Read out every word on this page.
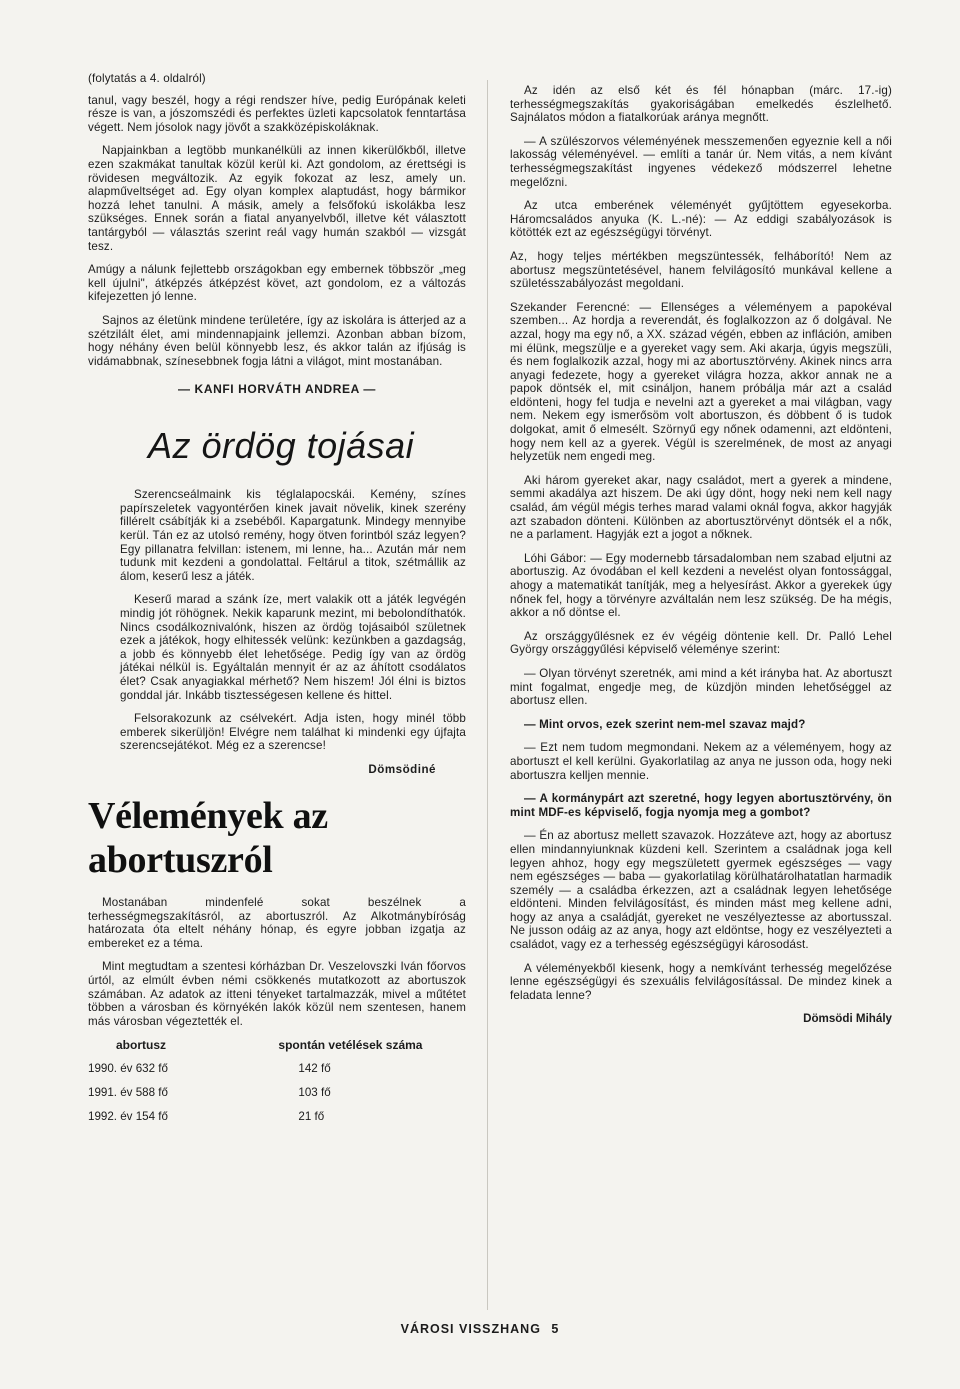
(folytatás a 4. oldalról)

tanul, vagy beszél, hogy a régi rendszer híve, pedig Európának keleti része is van, a jószomszédi és perfektes üzleti kapcsolatok fenntartása végett. Nem jósolok nagy jövőt a szakközépiskoláknak.

Napjainkban a legtöbb munkanélküli az innen kikerülőkből, illetve ezen szakmákat tanultak közül kerül ki. Azt gondolom, az érettségi is rövidesen megváltozik. Az egyik fokozat az lesz, amely un. alapműveltséget ad. Egy olyan komplex alaptudást, hogy bármikor hozzá lehet tanulni. A másik, amely a felsőfokú iskolákba lesz szükséges. Ennek során a fiatal anyanyelvből, illetve két választott tantárgyból — választás szerint reál vagy humán szakból — vizsgát tesz.

Amúgy a nálunk fejlettebb országokban egy embernek többször „meg kell újulni", átképzés átképzést követ, azt gondolom, ez a változás kifejezetten jó lenne.

Sajnos az életünk mindene területére, így az iskolára is átterjed az a szétzilált élet, ami mindennapjaink jellemzi. Azonban abban bízom, hogy néhány éven belül könnyebb lesz, és akkor talán az ifjúság is vidámabbnak, színesebbnek fogja látni a világot, mint mostanában.

— KANFI HORVÁTH ANDREA —
Az ördög tojásai

Szerencseálmaink kis téglalapocskái. Kemény, színes papírszeletek vagyontérően kinek javait növelik, kinek szerény fillérelt csábítják ki a zsebéből. Kapargatunk. Mindegy mennyibe kerül. Tán ez az utolsó remény, hogy ötven forintból száz legyen? Egy pillanatra felvillan: istenem, mi lenne, ha... Azután már nem tudunk mit kezdeni a gondolattal. Feltárul a titok, szétmállik az álom, keserű lesz a játék.

Keserű marad a szánk íze, mert valakik ott a játék legvégén mindig jót röhögnek. Nekik kaparunk mezint, mi bebolondíthatók. Nincs csodálkoznivalónk, hiszen az ördög tojásaiból születnek ezek a játékok, hogy elhitessék velünk: kezünkben a gazdagság, a jobb és könnyebb élet lehetősége. Pedig így van az ördög játékai nélkül is. Egyáltalán mennyit ér az az áhított csodálatos élet? Csak anyagiakkal mérhető? Nem hiszem! Jól élni is biztos gonddal jár. Inkább tisztességesen kellene és hittel.

Felsorakozunk az csélvekért. Adja isten, hogy minél több emberek sikerüljön! Elvégre nem találhat ki mindenki egy újfajta szerencsejátékot. Még ez a szerencse!

Dömsödiné
Vélemények az abortuszról

Mostanában mindenfelé sokat beszélnek a terhességmegszakításról, az abortuszról. Az Alkotmánybíróság határozata óta eltelt néhány hónap, és egyre jobban izgatja az embereket ez a téma.

Mint megtudtam a szentesi kórházban Dr. Veszelovszki Iván főorvos úrtól, az elmúlt évben némi csökkenés mutatkozott az abortuszok számában. Az adatok az itteni tényeket tartalmazzák, mivel a műtétet többen a városban és környékén lakók közül nem szentesen, hanem más városban végeztették el.

abortusz	spontán vetélések száma
1990. év 632 fő	142 fő
1991. év 588 fő	103 fő
1992. év 154 fő	21 fő

Az idén az első két és fél hónapban (márc. 17.-ig) terhességmegszakítás gyakoriságában emelkedés észlelhető. Sajnálatos módon a fiatalkorúak aránya megnőtt.

— A szülészorvos véleményének messzemenően egyeznie kell a női lakosság véleményével. — említi a tanár úr. Nem vitás, a nem kívánt terhességmegszakítást ingyenes védekező módszerrel lehetne megelőzni.

Az utca emberének véleményét gyűjtöttem egyesekorba. Háromcsaládos anyuka (K. L.-né): — Az eddigi szabályozások is kötötték ezt az egészségügyi törvényt.

Az, hogy teljes mértékben megszüntessék, felháborító! Nem az abortusz megszüntetésével, hanem felvilágosító munkával kellene a születésszabályozást megoldani.

Szekander Ferencné: — Ellenséges a véleményem a papokéval szemben... Az hordja a reverendát, és foglalkozzon az ő dolgával. Ne azzal, hogy ma egy nő, a XX. század végén, ebben az infláción, amiben mi élünk, megszülje e a gyereket vagy sem. Aki akarja, úgyis megszüli, és nem foglalkozik azzal, hogy mi az abortusztörvény. Akinek nincs arra anyagi fedezete, hogy a gyereket világra hozza, akkor annak ne a papok döntsék el, mit csináljon, hanem próbálja már azt a család eldönteni, hogy fel tudja e nevelni azt a gyereket a mai világban, vagy nem. Nekem egy ismerősöm volt abortuszon, és döbbent ő is tudok dolgokat, amit ő elmesélt. Szörnyű egy nőnek odamenni, azt eldönteni, hogy nem kell az a gyerek. Végül is szerelmének, de most az anyagi helyzetük nem engedi meg.

Aki három gyereket akar, nagy családot, mert a gyerek a mindene, semmi akadálya azt hiszem. De aki úgy dönt, hogy neki nem kell nagy család, ám végül mégis terhes marad valami oknál fogva, akkor hagyják azt szabadon dönteni. Különben az abortusztörvényt döntsék el a nők, ne a parlament. Hagyják ezt a jogot a nőknek.

Lóhi Gábor: — Egy modernebb társadalomban nem szabad eljutni az abortuszig. Az óvodában el kell kezdeni a nevelést olyan fontossággal, ahogy a matematikát tanítják, meg a helyesírást. Akkor a gyerekek úgy nőnek fel, hogy a törvényre azváltalán nem lesz szükség. De ha mégis, akkor a nő döntse el.

Az országgyűlésnek ez év végéig döntenie kell. Dr. Palló Lehel György országgyűlési képviselő véleménye szerint:

— Olyan törvényt szeretnék, ami mind a két irányba hat. Az abortuszt mint fogalmat, engedje meg, de küzdjön minden lehetőséggel az abortusz ellen.

— Mint orvos, ezek szerint nem-mel szavaz majd?

— Ezt nem tudom megmondani. Nekem az a véleményem, hogy az abortuszt el kell kerülni. Gyakorlatilag az anya ne jusson oda, hogy neki abortuszra kelljen mennie.

— A kormánypárt azt szeretné, hogy legyen abortusztörvény, ön mint MDF-es képviselő, fogja nyomja meg a gombot?

— Én az abortusz mellett szavazok. Hozzáteve azt, hogy az abortusz ellen mindannyiunknak küzdeni kell. Szerintem a családnak joga kell legyen ahhoz, hogy egy megszületett gyermek egészséges — vagy nem egészséges — baba — gyakorlatilag körülhatárolhatatlan harmadik személy — a családba érkezzen, azt a családnak legyen lehetősége eldönteni. Minden felvilágosítást, és minden mást meg kellene adni, hogy az anya a családját, gyereket ne veszélyeztesse az abortusszal. Ne jusson odáig az az anya, hogy azt eldöntse, hogy ez veszélyezteti a családot, vagy ez a terhesség egészségügyi károsodást.

A véleményekből kiesenk, hogy a nemkívánt terhesség megelőzése lenne egészségügyi és szexuális felvilágosítással. De mindez kinek a feladata lenne?

Dömsödi Mihály
VÁROSI VISSZHANG 5
